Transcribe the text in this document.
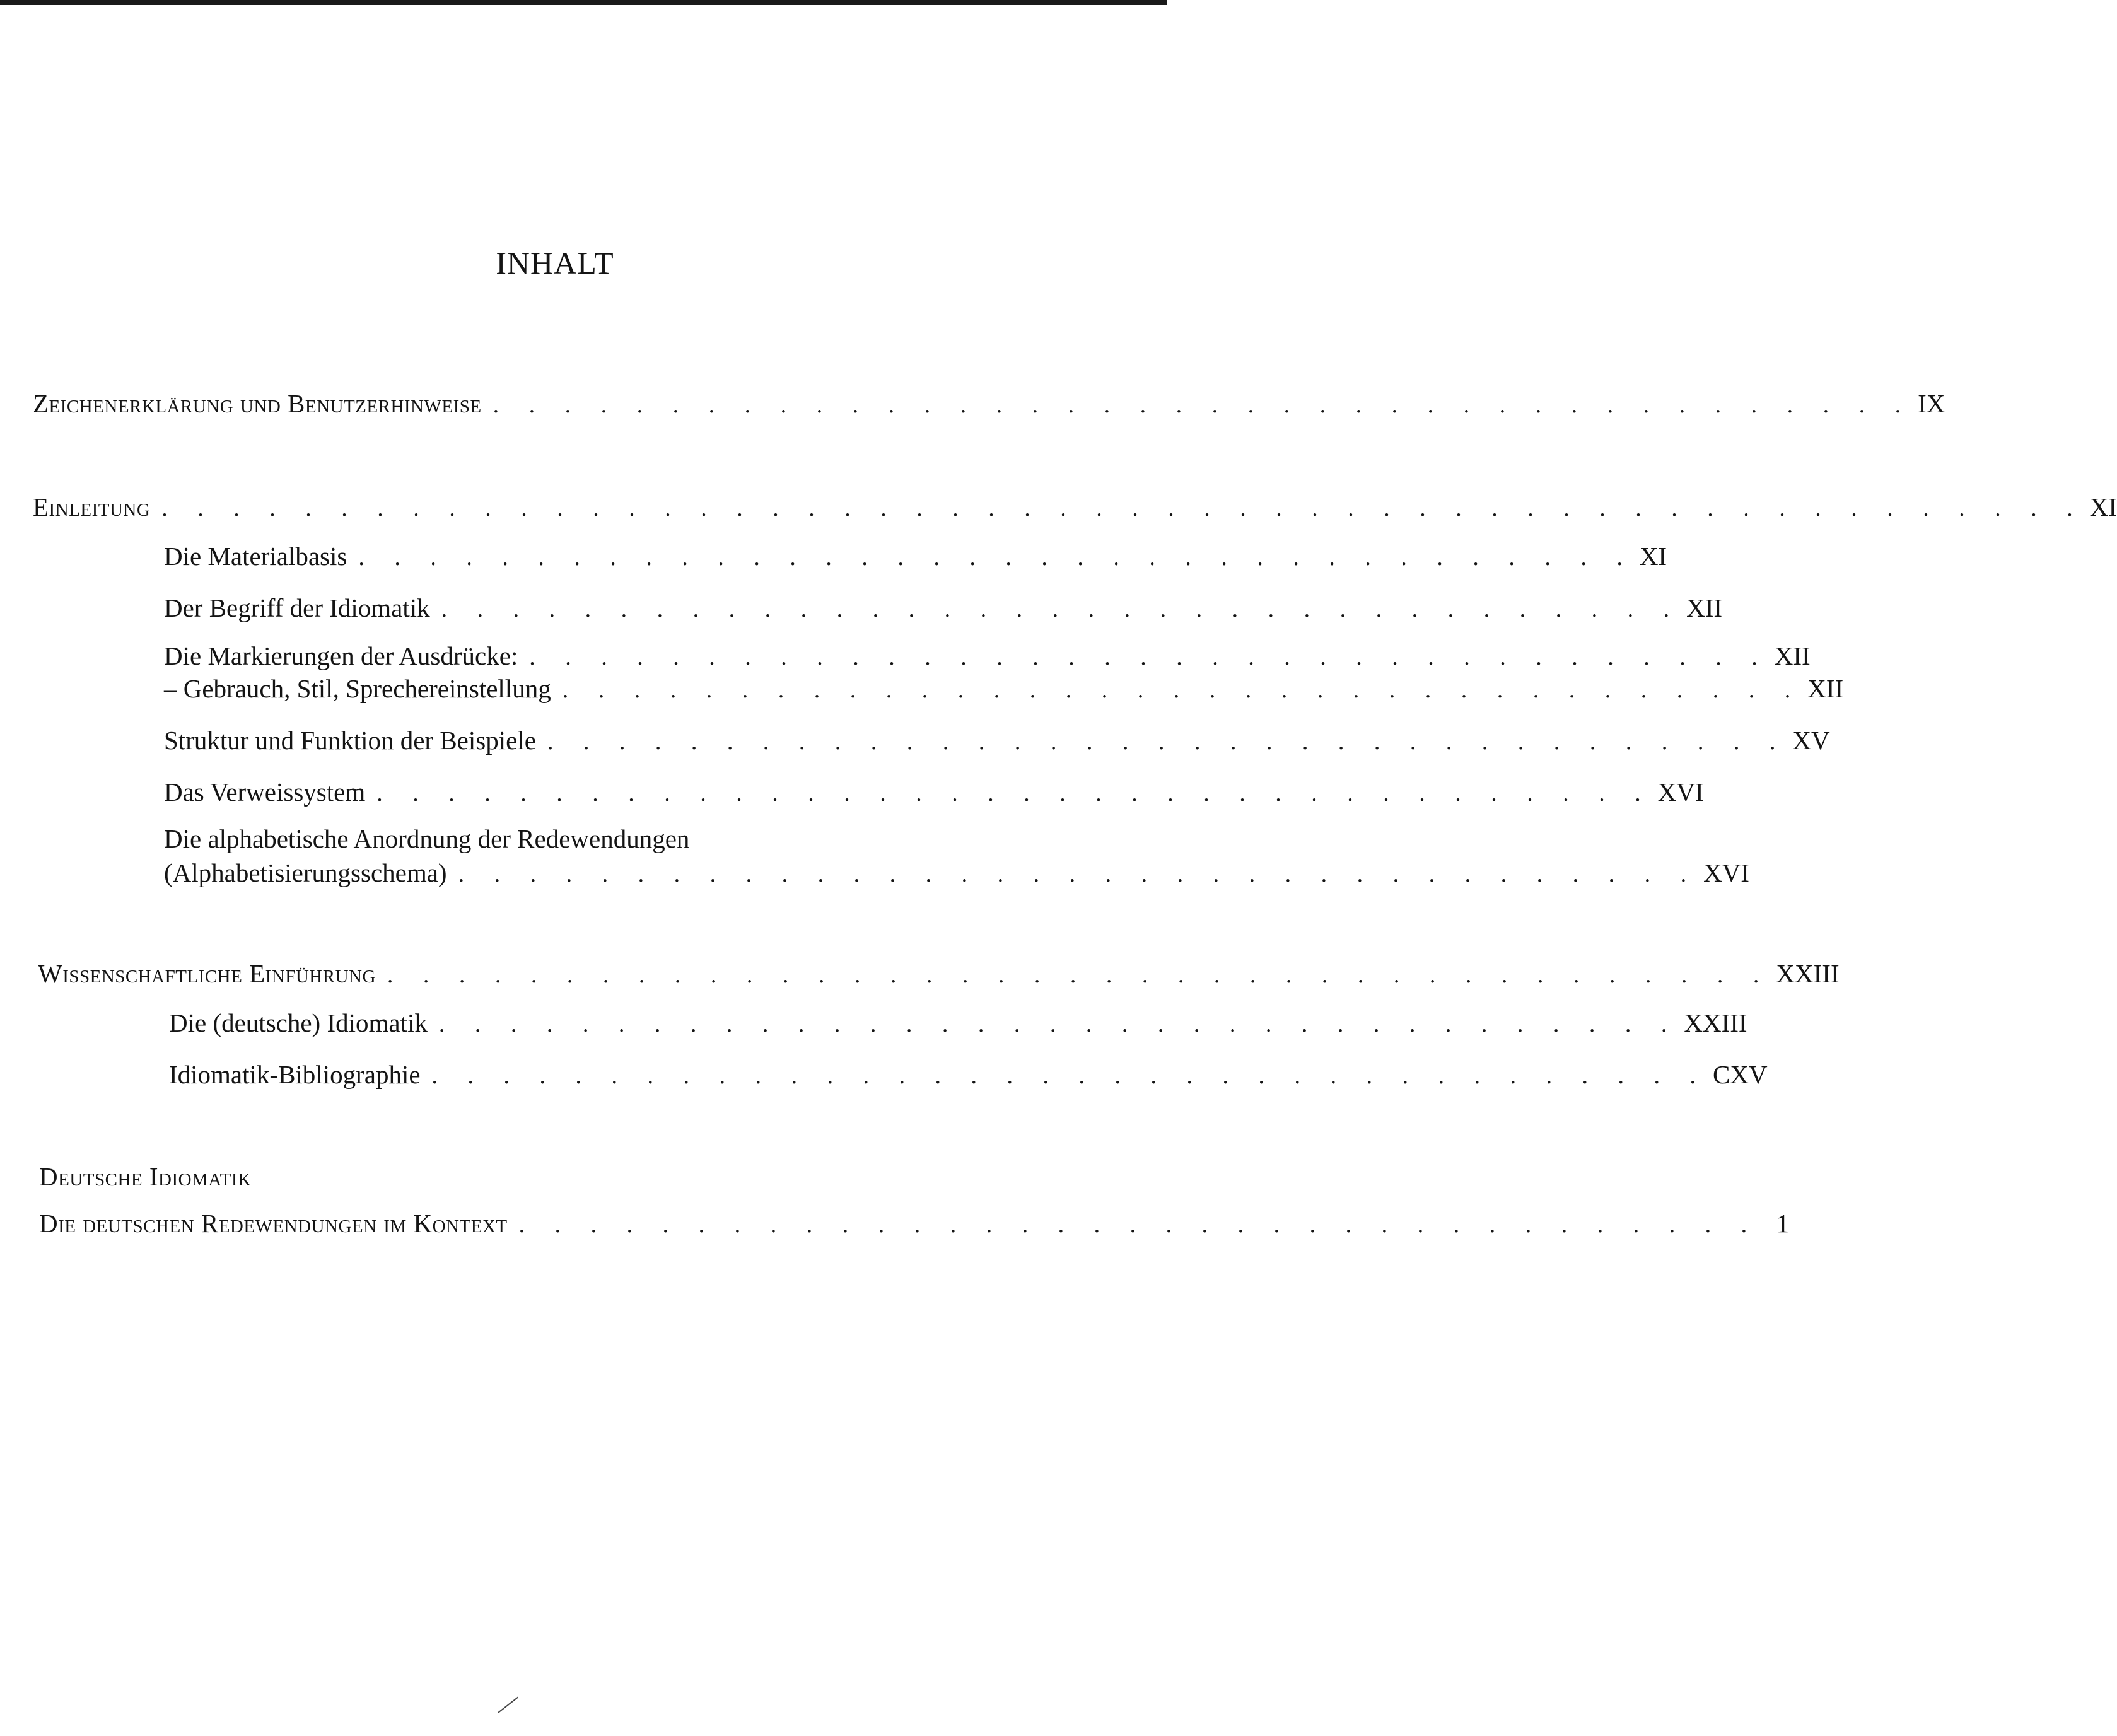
INHALT
Zeichenerklärung und Benutzerhinweise . . . . . . . . . . . . . . . . . . . . . . . . . . . . . . . . . . . . . . . . IX
Einleitung . . . . . . . . . . . . . . . . . . . . . . . . . . . . . . . . . . . . . . . . . . . . . . . . . . . . . . XI
Die Materialbasis . . . . . . . . . . . . . . . . . . . . . . . . . . . . . . . . . . . . XI
Der Begriff der Idiomatik . . . . . . . . . . . . . . . . . . . . . . . . . . . . . . . . . . . XII
Die Markierungen der Ausdrücke: . . . . . . . . . . . . . . . . . . . . . . . . . . . . . . . . . . . XII
– Gebrauch, Stil, Sprechereinstellung . . . . . . . . . . . . . . . . . . . . . . . . . . . . . . . . . . . XII
Struktur und Funktion der Beispiele . . . . . . . . . . . . . . . . . . . . . . . . . . . . . . . . . . . XV
Das Verweissystem . . . . . . . . . . . . . . . . . . . . . . . . . . . . . . . . . . . . XVI
Die alphabetische Anordnung der Redewendungen
(Alphabetisierungsschema) . . . . . . . . . . . . . . . . . . . . . . . . . . . . . . . . . . . XVI
Wissenschaftliche Einführung . . . . . . . . . . . . . . . . . . . . . . . . . . . . . . . . . . . . . . . XXIII
Die (deutsche) Idiomatik . . . . . . . . . . . . . . . . . . . . . . . . . . . . . . . . . . . XXIII
Idiomatik-Bibliographie . . . . . . . . . . . . . . . . . . . . . . . . . . . . . . . . . . . . CXV
Deutsche Idiomatik
Die deutschen Redewendungen im Kontext . . . . . . . . . . . . . . . . . . . . . . . . . . . . . . . . . . . 1
